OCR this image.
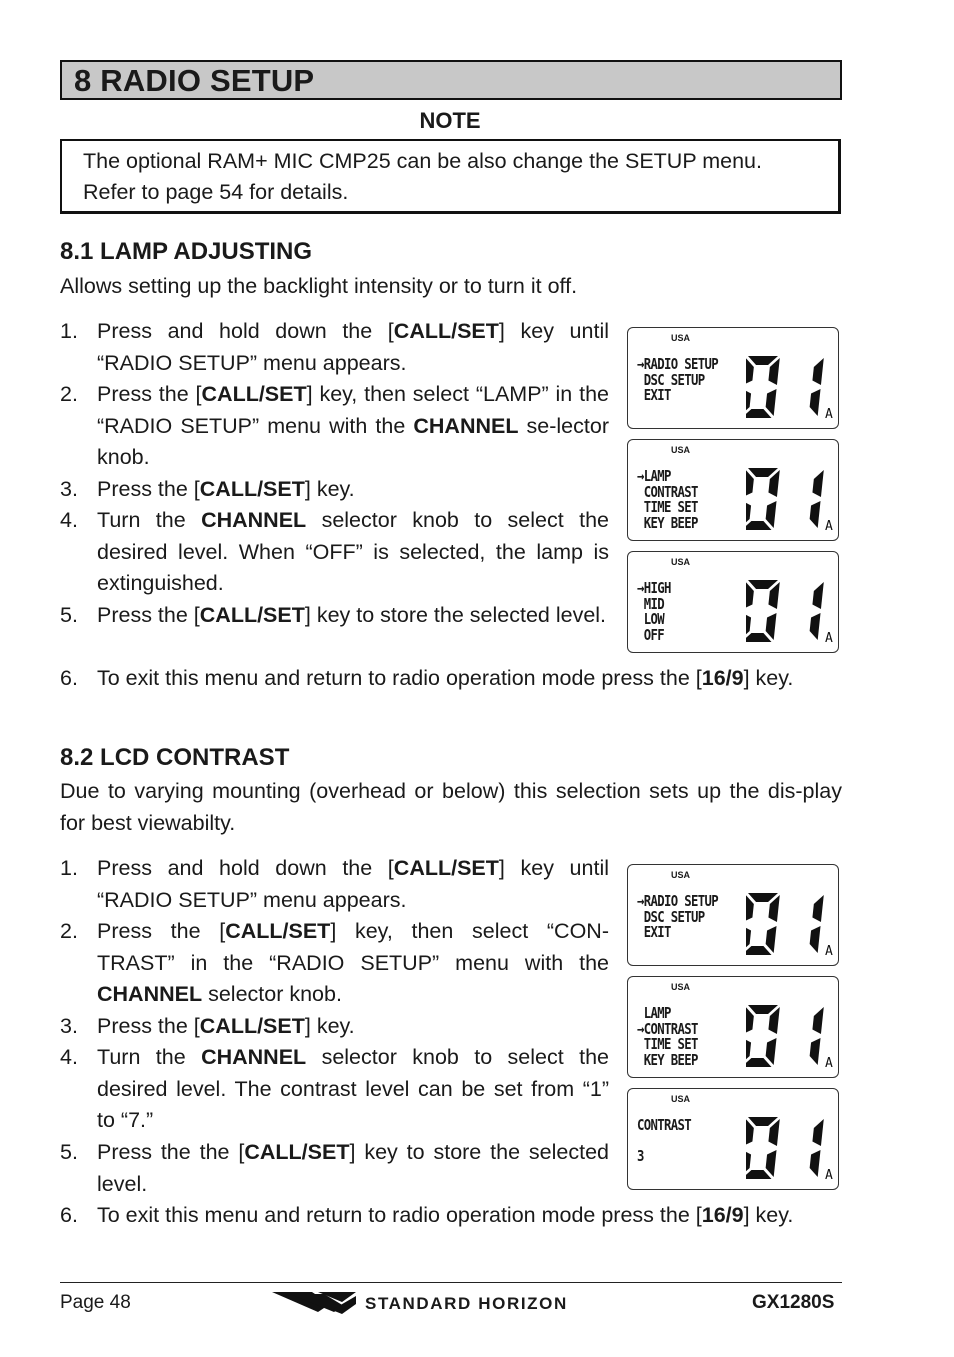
8 RADIO SETUP
NOTE
The optional RAM+ MIC CMP25 can be also change the SETUP menu.
Refer to page 54 for details.
8.1 LAMP ADJUSTING

Allows setting up the backlight intensity or to turn it off.

1. Press and hold down the [CALL/SET] key until “RADIO SETUP” menu appears.
2. Press the [CALL/SET] key, then select “LAMP” in the “RADIO SETUP” menu with the CHANNEL se-lector knob.
3. Press the [CALL/SET] key.
4. Turn the CHANNEL selector knob to select the desired level. When “OFF” is selected, the lamp is extinguished.
5. Press the [CALL/SET] key to store the selected level.
6. To exit this menu and return to radio operation mode press the [16/9] key.
USA
→RADIO SETUP
DSC SETUP
EXIT
A
USA
→LAMP
CONTRAST
TIME SET
KEY BEEP	A
USA
→HIGH
MID
LOW
OFF	A
8.2 LCD CONTRAST

Due to varying mounting (overhead or below) this selection sets up the dis-play for best viewabilty.

1. Press and hold down the [CALL/SET] key until “RADIO SETUP” menu appears.
2. Press the [CALL/SET] key, then select “CON-TRAST” in the “RADIO SETUP” menu with the CHANNEL selector knob.
3. Press the [CALL/SET] key.
4. Turn the CHANNEL selector knob to select the desired level. The contrast level can be set from “1” to “7.”
5. Press the the [CALL/SET] key to store the selected level.
6. To exit this menu and return to radio operation mode press the [16/9] key.
USA
→RADIO SETUP
DSC SETUP
EXIT
A
USA
LAMP
→CONTRAST
TIME SET
KEY BEEP	A
USA
CONTRAST

3
A
Page 48	STANDARD HORIZON	GX1280S
